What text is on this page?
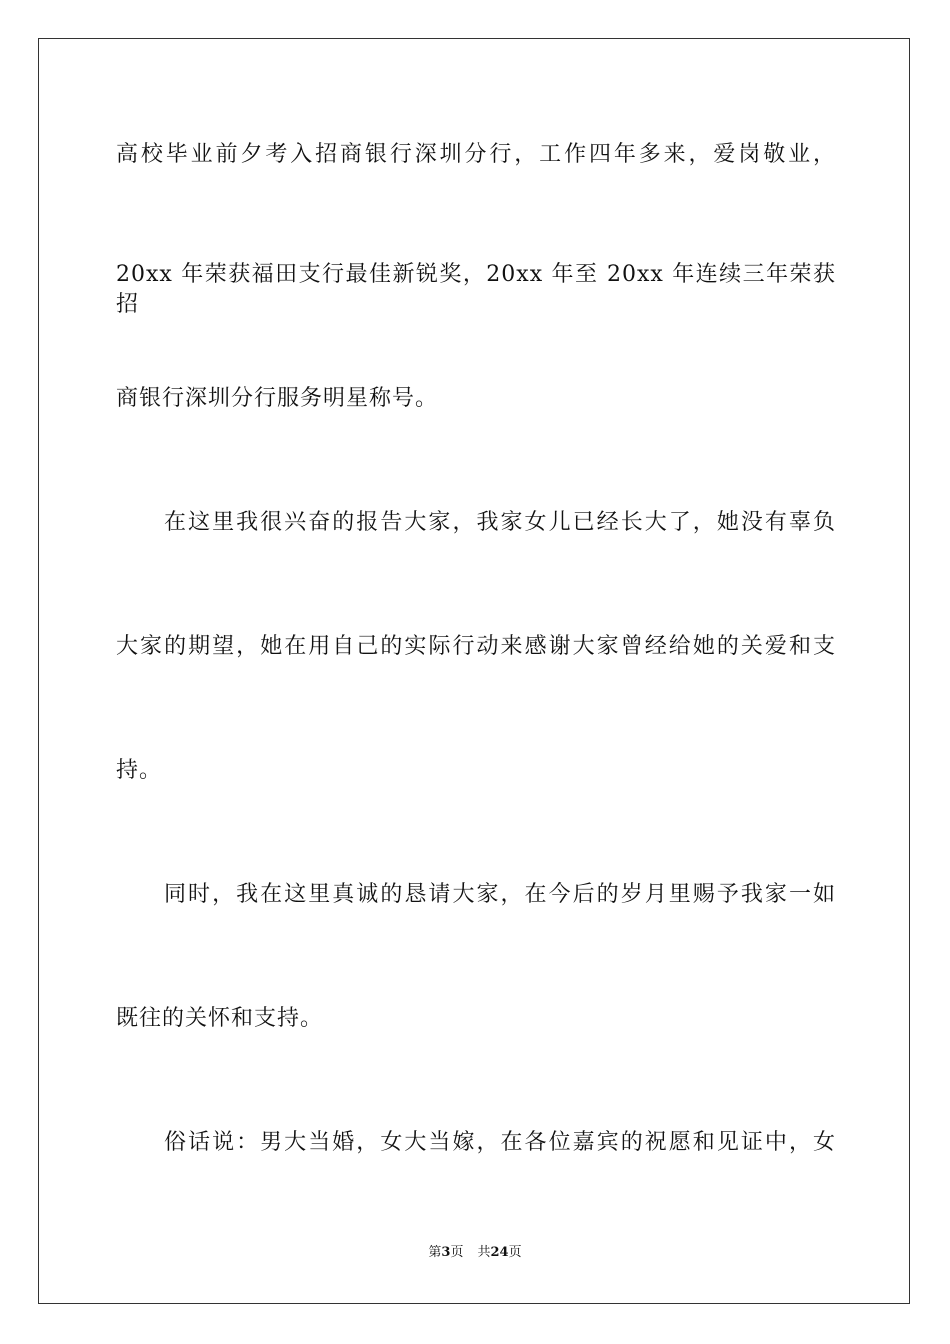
高校毕业前夕考入招商银行深圳分行，工作四年多来，爱岗敬业，
20xx 年荣获福田支行最佳新锐奖，20xx 年至 20xx 年连续三年荣获招
商银行深圳分行服务明星称号。
在这里我很兴奋的报告大家，我家女儿已经长大了，她没有辜负
大家的期望，她在用自己的实际行动来感谢大家曾经给她的关爱和支
持。
同时，我在这里真诚的恳请大家，在今后的岁月里赐予我家一如
既往的关怀和支持。
俗话说：男大当婚，女大当嫁，在各位嘉宾的祝愿和见证中，女
第3页 共24页
